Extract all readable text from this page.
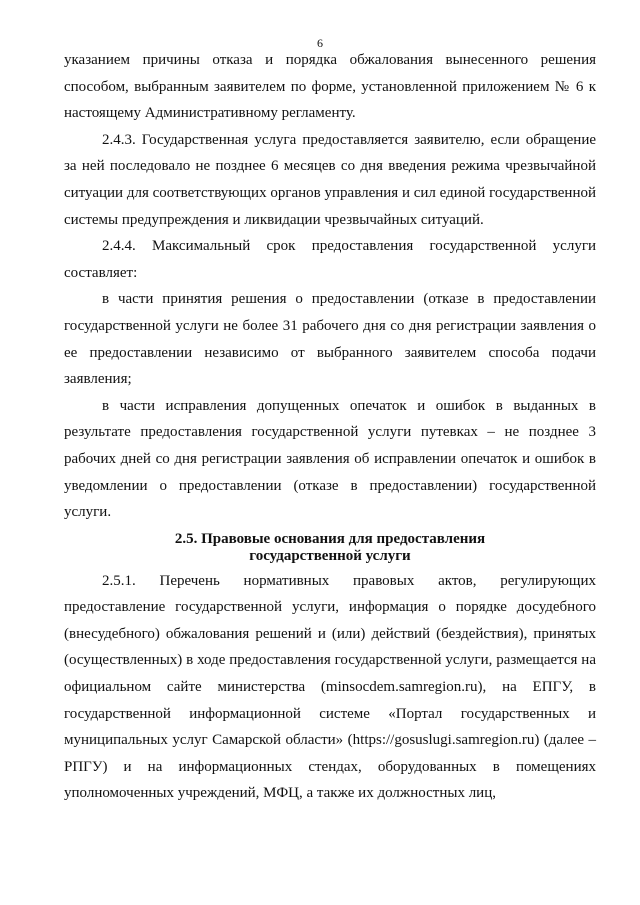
6

указанием причины отказа и порядка обжалования вынесенного решения способом, выбранным заявителем по форме, установленной приложением № 6 к настоящему Административному регламенту.

2.4.3. Государственная услуга предоставляется заявителю, если обращение за ней последовало не позднее 6 месяцев со дня введения режима чрезвычайной ситуации для соответствующих органов управления и сил единой государственной системы предупреждения и ликвидации чрезвычайных ситуаций.

2.4.4. Максимальный срок предоставления государственной услуги составляет:

в части принятия решения о предоставлении (отказе в предоставлении государственной услуги не более 31 рабочего дня со дня регистрации заявления о ее предоставлении независимо от выбранного заявителем способа подачи заявления;

в части исправления допущенных опечаток и ошибок в выданных в результате предоставления государственной услуги путевках – не позднее 3 рабочих дней со дня регистрации заявления об исправлении опечаток и ошибок в уведомлении о предоставлении (отказе в предоставлении) государственной услуги.

2.5. Правовые основания для предоставления
государственной услуги

2.5.1. Перечень нормативных правовых актов, регулирующих предоставление государственной услуги, информация о порядке досудебного (внесудебного) обжалования решений и (или) действий (бездействия), принятых (осуществленных) в ходе предоставления государственной услуги, размещается на официальном сайте министерства (minsocdem.samregion.ru), на ЕПГУ, в государственной информационной системе «Портал государственных и муниципальных услуг Самарской области» (https://gosuslugi.samregion.ru) (далее – РПГУ) и на информационных стендах, оборудованных в помещениях уполномоченных учреждений, МФЦ, а также их должностных лиц,
